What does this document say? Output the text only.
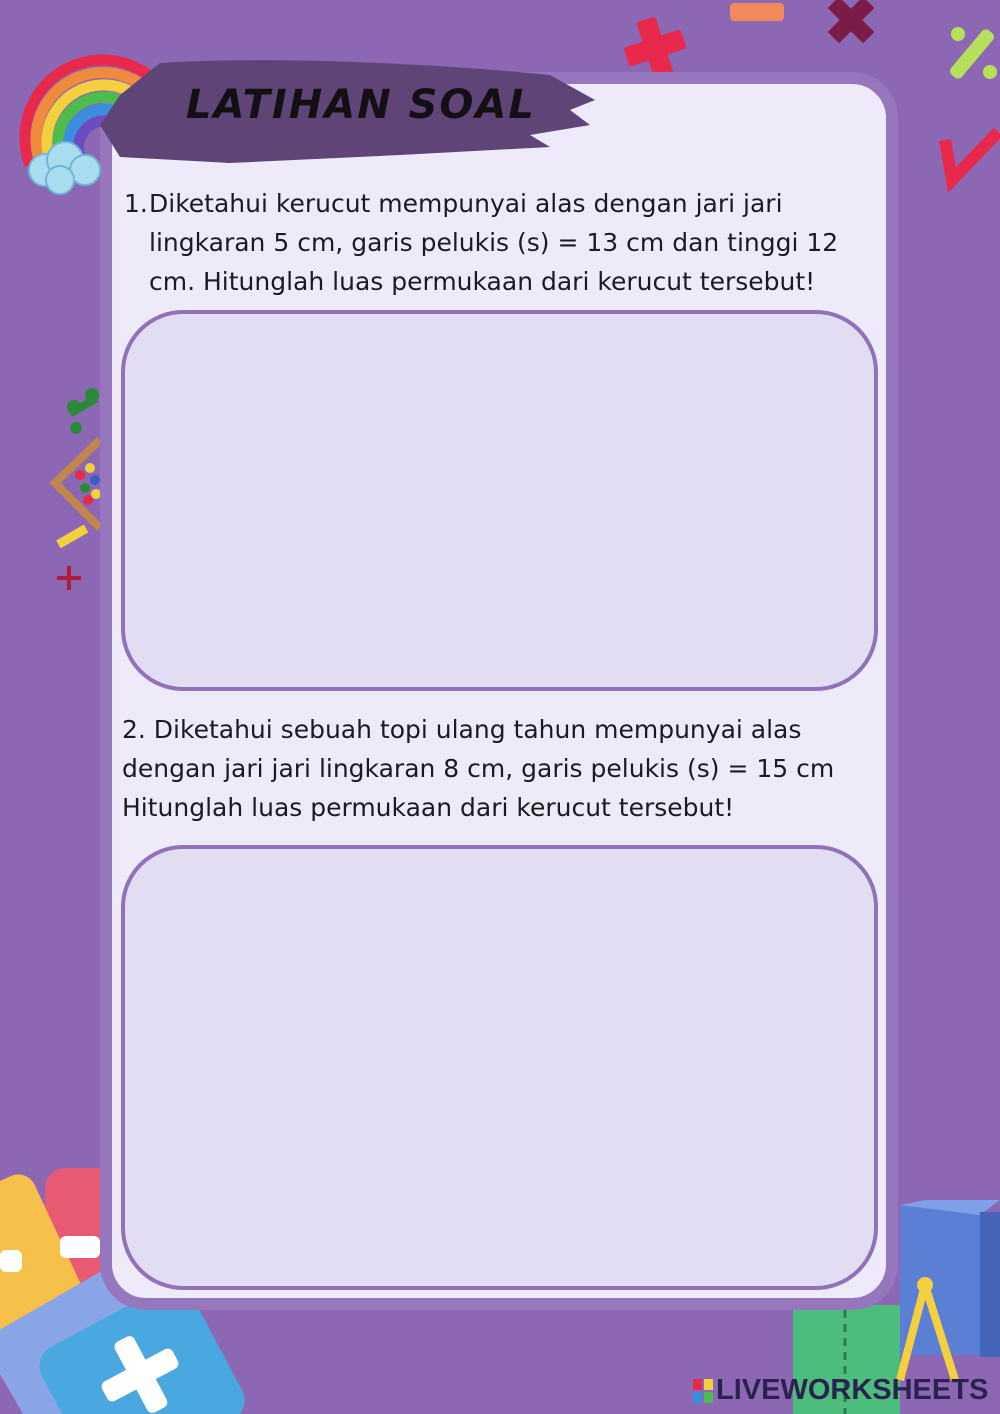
LATIHAN SOAL
1. Diketahui kerucut mempunyai alas dengan jari jari lingkaran 5 cm, garis pelukis (s) = 13 cm dan tinggi 12 cm. Hitunglah luas permukaan dari kerucut tersebut!
2. Diketahui sebuah topi ulang tahun mempunyai alas dengan jari jari lingkaran 8 cm, garis pelukis (s) = 15 cm Hitunglah luas permukaan dari kerucut tersebut!
LIVEWORKSHEETS
